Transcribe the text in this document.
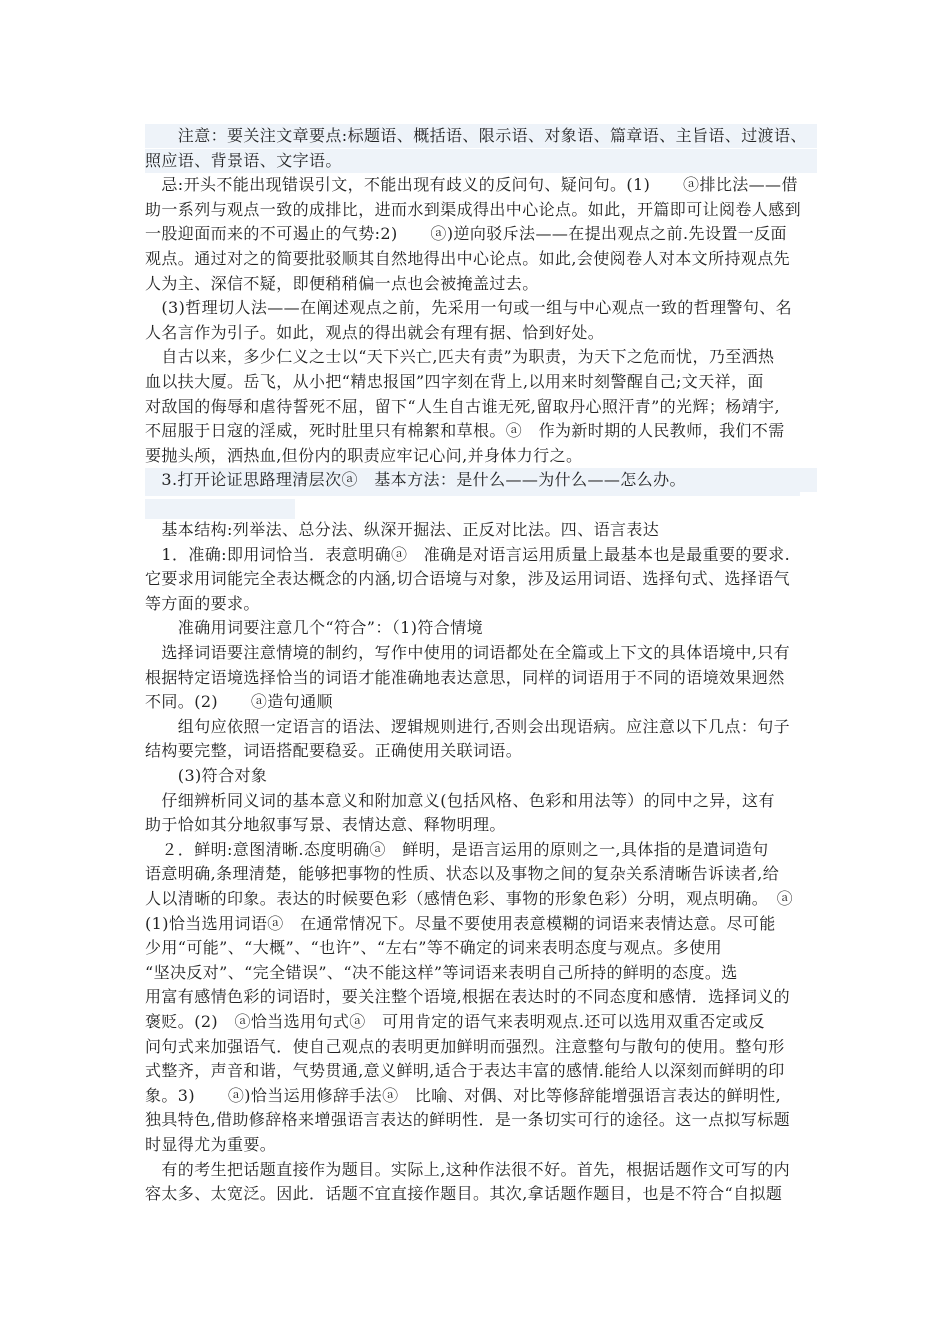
　　注意：要关注文章要点:标题语、概括语、限示语、对象语、篇章语、主旨语、过渡语、
照应语、背景语、文字语。
　忌:开头不能出现错误引文，不能出现有歧义的反问句、疑问句。(1)　　ⓐ排比法——借
助一系列与观点一致的成排比，进而水到渠成得出中心论点。如此，开篇即可让阅卷人感到
一股迎面而来的不可遏止的气势:2)　　ⓐ)逆向驳斥法——在提出观点之前.先设置一反面
观点。通过对之的简要批驳顺其自然地得出中心论点。如此,会使阅卷人对本文所持观点先
人为主、深信不疑，即便稍稍偏一点也会被掩盖过去。
　(3)哲理切人法——在阐述观点之前，先采用一句或一组与中心观点一致的哲理警句、名
人名言作为引子。如此，观点的得出就会有理有据、恰到好处。
　自古以来，多少仁义之士以“天下兴亡,匹夫有责”为职责，为天下之危而忧，乃至洒热
血以扶大厦。岳飞，从小把“精忠报国”四字刻在背上,以用来时刻警醒自己;文天祥，面
对敌国的侮辱和虐待誓死不屈，留下“人生自古谁无死,留取丹心照汗青”的光辉；杨靖宇,
不屈服于日寇的淫威，死时肚里只有棉絮和草根。ⓐ　作为新时期的人民教师，我们不需
要抛头颅，洒热血,但份内的职责应牢记心问,并身体力行之。
　3.打开论证思路理清层次ⓐ　基本方法：是什么——为什么——怎么办。
　基本结构:列举法、总分法、纵深开掘法、正反对比法。四、语言表达
　1．准确:即用词恰当．表意明确ⓐ　准确是对语言运用质量上最基本也是最重要的要求.
它要求用词能完全表达概念的内涵,切合语境与对象，涉及运用词语、选择句式、选择语气
等方面的要求。
　　准确用词要注意几个“符合”：（1)符合情境
　选择词语要注意情境的制约，写作中使用的词语都处在全篇或上下文的具体语境中,只有
根据特定语境选择恰当的词语才能准确地表达意思，同样的词语用于不同的语境效果迥然
不同。(2)　　ⓐ造句通顺
　　组句应依照一定语言的语法、逻辑规则进行,否则会出现语病。应注意以下几点：句子
结构要完整，词语搭配要稳妥。正确使用关联词语。
　　(3)符合对象
　仔细辨析同义词的基本意义和附加意义(包括风格、色彩和用法等）的同中之异，这有
助于恰如其分地叙事写景、表情达意、释物明理。
　２．鲜明:意图清晰.态度明确ⓐ　鲜明，是语言运用的原则之一,具体指的是遣词造句
语意明确,条理清楚，能够把事物的性质、状态以及事物之间的复杂关系清晰告诉读者,给
人以清晰的印象。表达的时候要色彩（感情色彩、事物的形象色彩）分明，观点明确。　ⓐ
(1)恰当选用词语ⓐ　在通常情况下。尽量不要使用表意模糊的词语来表情达意。尽可能
少用“可能”、“大概”、“也许”、“左右”等不确定的词来表明态度与观点。多使用
“坚决反对”、“完全错误”、“决不能这样”等词语来表明自己所持的鲜明的态度。选
用富有感情色彩的词语时，要关注整个语境,根据在表达时的不同态度和感情．选择词义的
褒贬。(2)　ⓐ恰当选用句式ⓐ　可用肯定的语气来表明观点.还可以选用双重否定或反
问句式来加强语气．使自己观点的表明更加鲜明而强烈。注意整句与散句的使用。整句形
式整齐，声音和谐，气势贯通,意义鲜明,适合于表达丰富的感情.能给人以深刻而鲜明的印
象。3)　　ⓐ)恰当运用修辞手法ⓐ　比喻、对偶、对比等修辞能增强语言表达的鲜明性,
独具特色,借助修辞格来增强语言表达的鲜明性．是一条切实可行的途径。这一点拟写标题
时显得尤为重要。
　有的考生把话题直接作为题目。实际上,这种作法很不好。首先，根据话题作文可写的内
容太多、太宽泛。因此．话题不宜直接作题目。其次,拿话题作题目，也是不符合“自拟题
